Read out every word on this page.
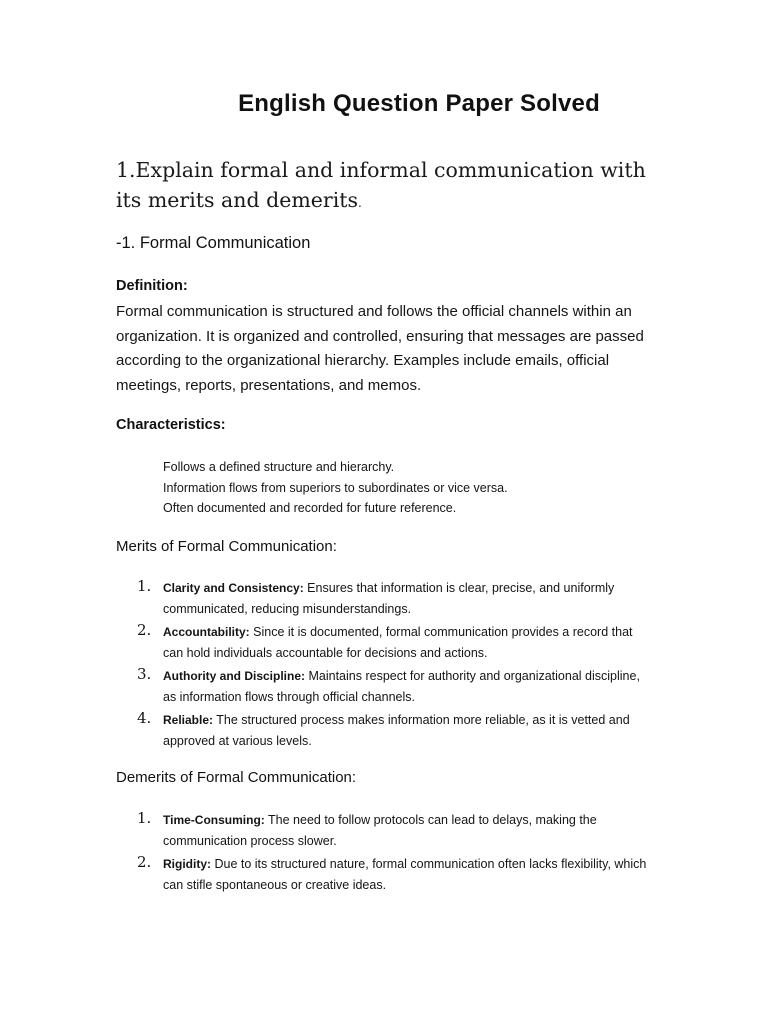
English Question Paper Solved
1.Explain formal and informal communication with its merits and demerits.
-1. Formal Communication

Definition:

Formal communication is structured and follows the official channels within an organization. It is organized and controlled, ensuring that messages are passed according to the organizational hierarchy. Examples include emails, official meetings, reports, presentations, and memos.

Characteristics:

Follows a defined structure and hierarchy.
Information flows from superiors to subordinates or vice versa.
Often documented and recorded for future reference.

Merits of Formal Communication:

1. Clarity and Consistency: Ensures that information is clear, precise, and uniformly communicated, reducing misunderstandings.
2. Accountability: Since it is documented, formal communication provides a record that can hold individuals accountable for decisions and actions.
3. Authority and Discipline: Maintains respect for authority and organizational discipline, as information flows through official channels.
4. Reliable: The structured process makes information more reliable, as it is vetted and approved at various levels.

Demerits of Formal Communication:

1. Time-Consuming: The need to follow protocols can lead to delays, making the communication process slower.
2. Rigidity: Due to its structured nature, formal communication often lacks flexibility, which can stifle spontaneous or creative ideas.
